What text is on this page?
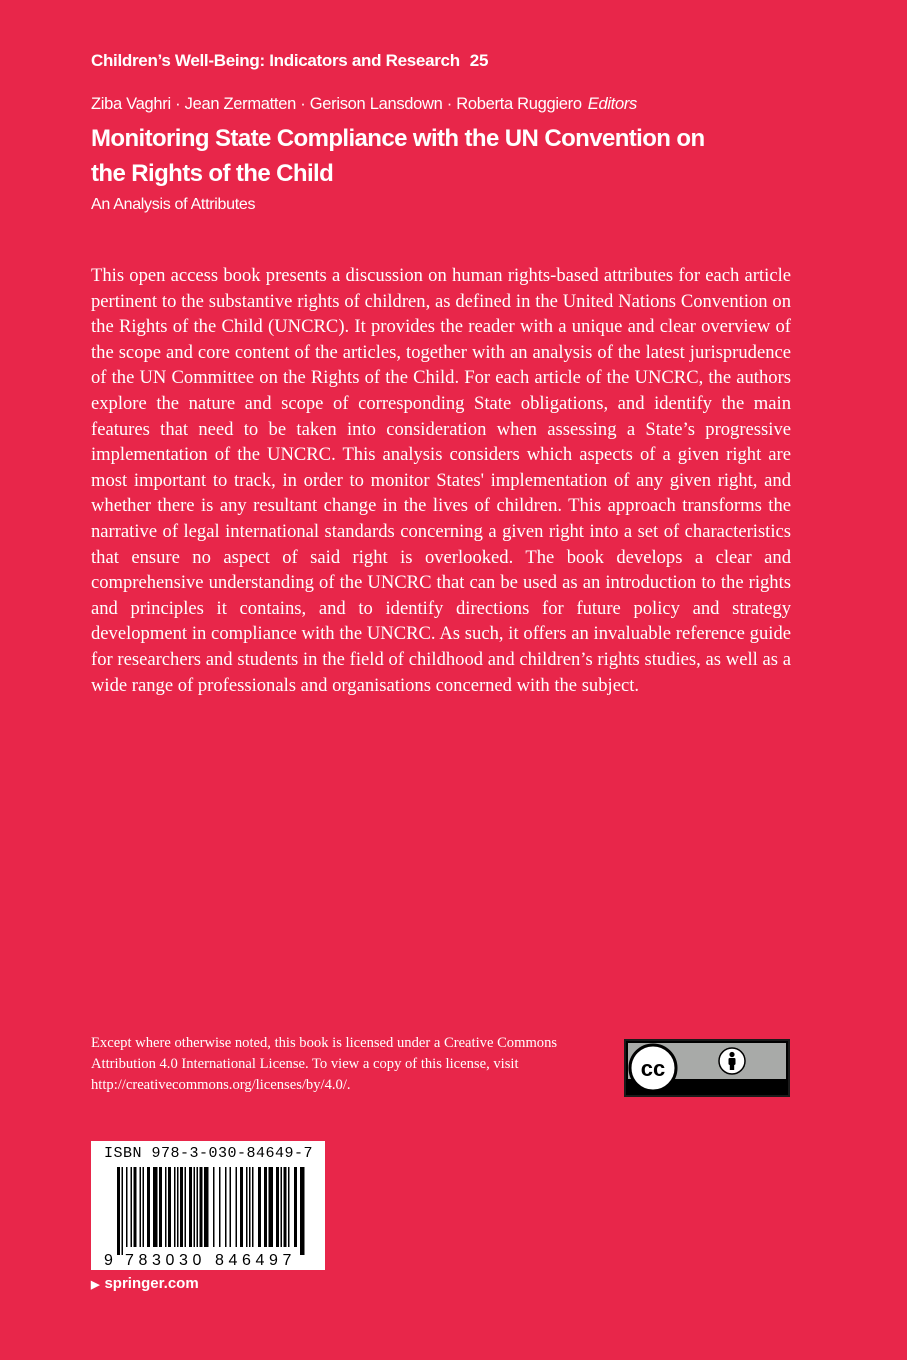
Children’s Well-Being: Indicators and Research 25
Ziba Vaghri · Jean Zermatten · Gerison Lansdown · Roberta Ruggiero Editors
Monitoring State Compliance with the UN Convention on
the Rights of the Child
An Analysis of Attributes

This open access book presents a discussion on human rights-based attributes for each article pertinent to the substantive rights of children, as defined in the United Nations Convention on the Rights of the Child (UNCRC). It provides the reader with a unique and clear overview of the scope and core content of the articles, together with an analysis of the latest jurisprudence of the UN Committee on the Rights of the Child. For each article of the UNCRC, the authors explore the nature and scope of corresponding State obligations, and identify the main features that need to be taken into consideration when assessing a State’s progressive implementation of the UNCRC. This analysis considers which aspects of a given right are most important to track, in order to monitor States' implementation of any given right, and whether there is any resultant change in the lives of children. This approach transforms the narrative of legal international standards concerning a given right into a set of characteristics that ensure no aspect of said right is overlooked. The book develops a clear and comprehensive understanding of the UNCRC that can be used as an introduction to the rights and principles it contains, and to identify directions for future policy and strategy development in compliance with the UNCRC. As such, it offers an invaluable reference guide for researchers and students in the field of childhood and children’s rights studies, as well as a wide range of professionals and organisations concerned with the subject.

Except where otherwise noted, this book is licensed under a Creative Commons Attribution 4.0 International License. To view a copy of this license, visit http://creativecommons.org/licenses/by/4.0/.

cc
ISBN 978-3-030-84649-7
9 7 8 3 0 3 0 8 4 6 4 9 7
▶ springer.com
